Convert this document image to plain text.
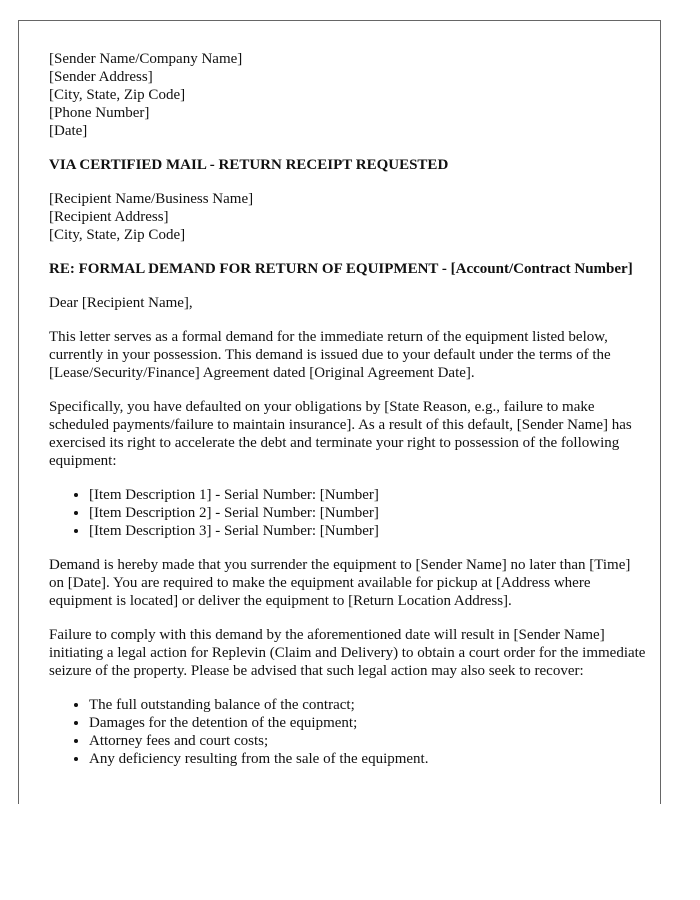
[Sender Name/Company Name]
[Sender Address]
[City, State, Zip Code]
[Phone Number]
[Date]

VIA CERTIFIED MAIL - RETURN RECEIPT REQUESTED

[Recipient Name/Business Name]
[Recipient Address]
[City, State, Zip Code]

RE: FORMAL DEMAND FOR RETURN OF EQUIPMENT - [Account/Contract Number]

Dear [Recipient Name],

This letter serves as a formal demand for the immediate return of the equipment listed below, currently in your possession. This demand is issued due to your default under the terms of the [Lease/Security/Finance] Agreement dated [Original Agreement Date].

Specifically, you have defaulted on your obligations by [State Reason, e.g., failure to make scheduled payments/failure to maintain insurance]. As a result of this default, [Sender Name] has exercised its right to accelerate the debt and terminate your right to possession of the following equipment:

• [Item Description 1] - Serial Number: [Number]
• [Item Description 2] - Serial Number: [Number]
• [Item Description 3] - Serial Number: [Number]

Demand is hereby made that you surrender the equipment to [Sender Name] no later than [Time] on [Date]. You are required to make the equipment available for pickup at [Address where equipment is located] or deliver the equipment to [Return Location Address].

Failure to comply with this demand by the aforementioned date will result in [Sender Name] initiating a legal action for Replevin (Claim and Delivery) to obtain a court order for the immediate seizure of the property. Please be advised that such legal action may also seek to recover:

• The full outstanding balance of the contract;
• Damages for the detention of the equipment;
• Attorney fees and court costs;
• Any deficiency resulting from the sale of the equipment.
